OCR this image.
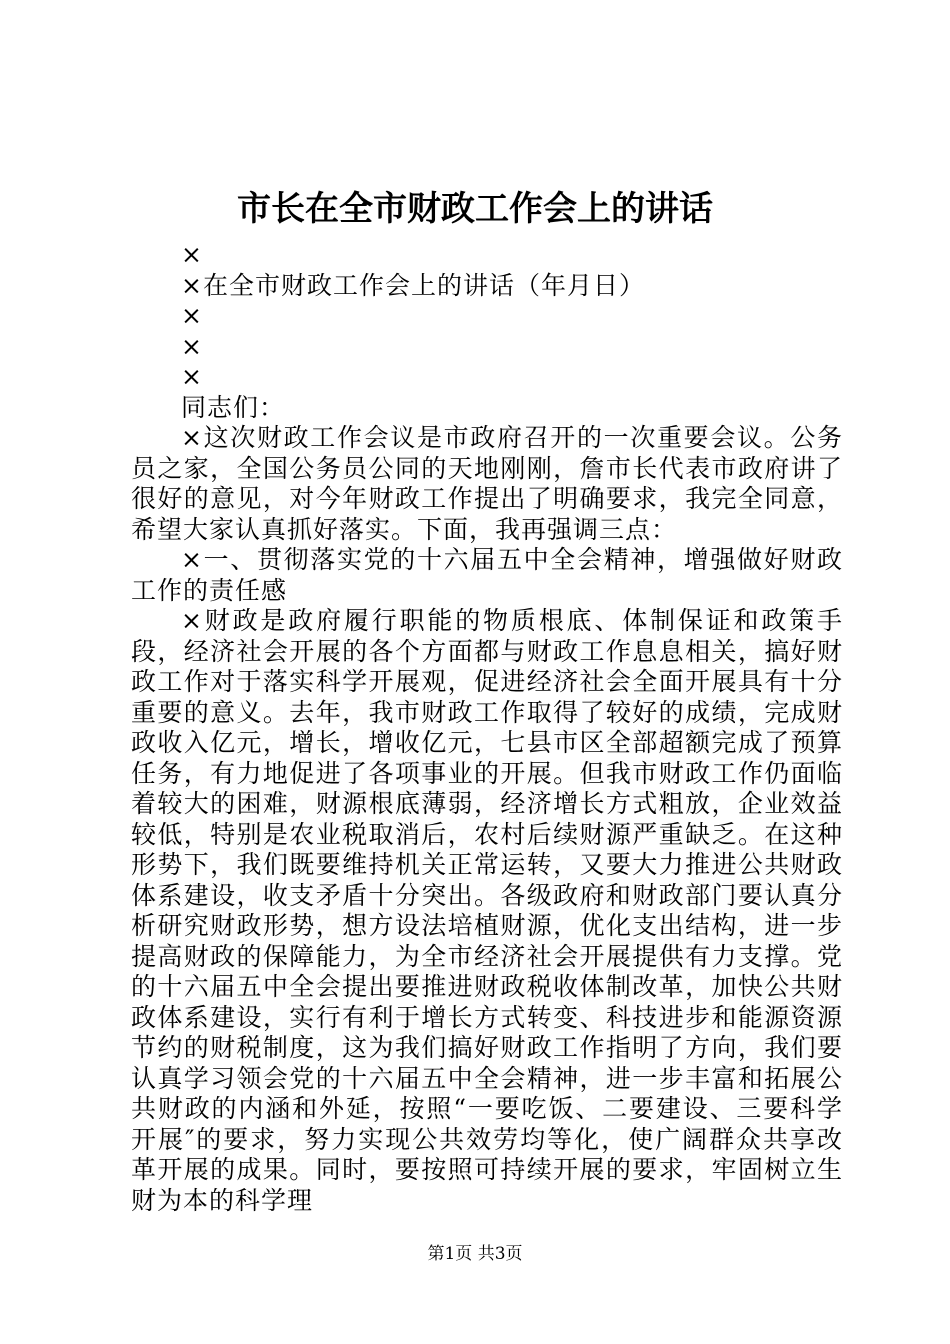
市长在全市财政工作会上的讲话

×

×在全市财政工作会上的讲话（年月日）

×

×

×

同志们：

×这次财政工作会议是市政府召开的一次重要会议。公务员之家，全国公务员公同的天地刚刚，詹市长代表市政府讲了很好的意见，对今年财政工作提出了明确要求，我完全同意，希望大家认真抓好落实。下面，我再强调三点：

×一、贯彻落实党的十六届五中全会精神，增强做好财政工作的责任感

×财政是政府履行职能的物质根底、体制保证和政策手段，经济社会开展的各个方面都与财政工作息息相关，搞好财政工作对于落实科学开展观，促进经济社会全面开展具有十分重要的意义。去年，我市财政工作取得了较好的成绩，完成财政收入亿元，增长，增收亿元，七县市区全部超额完成了预算任务，有力地促进了各项事业的开展。但我市财政工作仍面临着较大的困难，财源根底薄弱，经济增长方式粗放，企业效益较低，特别是农业税取消后，农村后续财源严重缺乏。在这种形势下，我们既要维持机关正常运转，又要大力推进公共财政体系建设，收支矛盾十分突出。各级政府和财政部门要认真分析研究财政形势，想方设法培植财源，优化支出结构，进一步提高财政的保障能力，为全市经济社会开展提供有力支撑。党的十六届五中全会提出要推进财政税收体制改革，加快公共财政体系建设，实行有利于增长方式转变、科技进步和能源资源节约的财税制度，这为我们搞好财政工作指明了方向，我们要认真学习领会党的十六届五中全会精神，进一步丰富和拓展公共财政的内涵和外延，按照“一要吃饭、二要建设、三要科学开展″的要求，努力实现公共效劳均等化，使广阔群众共享改革开展的成果。同时，要按照可持续开展的要求，牢固树立生财为本的科学理

第1页 共3页
